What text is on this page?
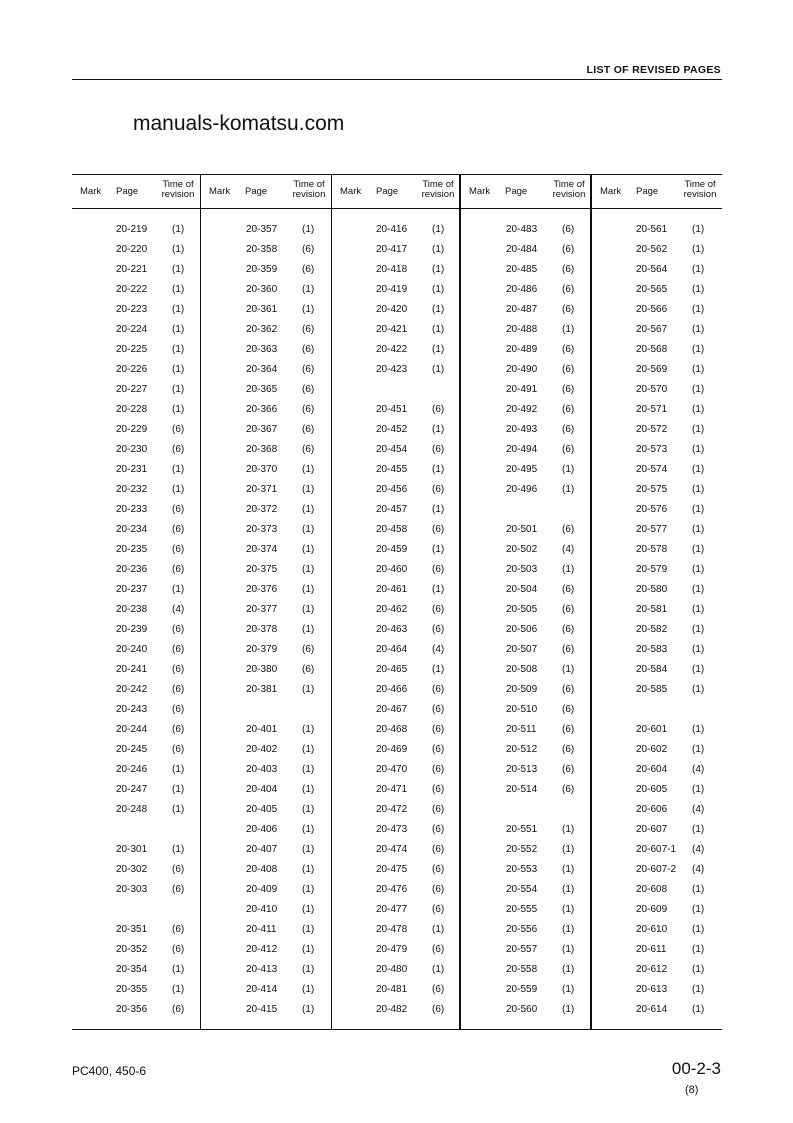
LIST OF REVISED PAGES
manuals-komatsu.com
Mark Page
Time of
revision
20-219 (1)
20-220 (1)
20-221 (1)
20-222 (1)
20-223 (1)
20-224 (1)
20-225 (1)
20-226 (1)
20-227 (1)
20-228 (1)
20-229 (6)
20-230 (6)
20-231 (1)
20-232 (1)
20-233 (6)
20-234 (6)
20-235 (6)
20-236 (6)
20-237 (1)
20-238 (4)
20-239 (6)
20-240 (6)
20-241 (6)
20-242 (6)
20-243 (6)
20-244 (6)
20-245 (6)
20-246 (1)
20-247 (1)
20-248 (1)
20-301 (1)
20-302 (6)
20-303 (6)
20-351 (6)
20-352 (6)
20-354 (1)
20-355 (1)
20-356 (6)
Mark Page
Time of
revision
20-357 (1)
20-358 (6)
20-359 (6)
20-360 (1)
20-361 (1)
20-362 (6)
20-363 (6)
20-364 (6)
20-365 (6)
20-366 (6)
20-367 (6)
20-368 (6)
20-370 (1)
20-371 (1)
20-372 (1)
20-373 (1)
20-374 (1)
20-375 (1)
20-376 (1)
20-377 (1)
20-378 (1)
20-379 (6)
20-380 (6)
20-381 (1)
20-401 (1)
20-402 (1)
20-403 (1)
20-404 (1)
20-405 (1)
20-406 (1)
20-407 (1)
20-408 (1)
20-409 (1)
20-410 (1)
20-411	(1)
20-412 (1)
20-413 (1)
20-414 (1)
20-415 (1)
Mark Page
Time of
revision
20-416 (1)
20-417 (1)
20-418 (1)
20-419 (1)
20-420 (1)
20-421 (1)
20-422 (1)
20-423 (1)
20-451 (6)
20-452 (1)
20-454 (6)
20-455 (1)
20-456 (6)
20-457 (1)
20-458 (6)
20-459 (1)
20-460 (6)
20-461 (1)
20-462 (6)
20-463 (6)
20-464 (4)
20-465 (1)
20-466 (6)
20-467 (6)
20-468 (6)
20-469 (6)
20-470 (6)
20-471 (6)
20-472 (6)
20-473 (6)
20-474 (6)
20-475 (6)
20-476 (6)
20-477 (6)
20-478 (1)
20-479 (6)
20-480 (1)
20-481 (6)
20-482 (6)
Mark Page
Time of
revision
20-483 (6)
20-484 (6)
20-485 (6)
20-486 (6)
20-487 (6)
20-488 (1)
20-489 (6)
20-490 (6)
20-491 (6)
20-492 (6)
20-493 (6)
20-494 (6)
20-495 (1)
20-496 (1)
20-501 (6)
20-502 (4)
20-503 (1)
20-504 (6)
20-505 (6)
20-506 (6)
20-507 (6)
20-508 (1)
20-509 (6)
20-510 (6)
20-511	(6)
20-512 (6)
20-513 (6)
20-514 (6)
20-551 (1)
20-552 (1)
20-553 (1)
20-554 (1)
20-555 (1)
20-556 (1)
20-557 (1)
20-558 (1)
20-559 (1)
20-560 (1)
Mark Page
Time of
revision
20-561 (1)
20-562 (1)
20-564 (1)
20-565 (1)
20-566 (1)
20-567 (1)
20-568 (1)
20-569 (1)
20-570 (1)
20-571 (1)
20-572 (1)
20-573 (1)
20-574 (1)
20-575 (1)
20-576 (1)
20-577 (1)
20-578 (1)
20-579 (1)
20-580 (1)
20-581 (1)
20-582 (1)
20-583 (1)
20-584 (1)
20-585 (1)
20-601 (1)
20-602 (1)
20-604 (4)
20-605 (1)
20-606 (4)
20-607 (1)
20-607-1 (4)
20-607-2 (4)
20-608 (1)
20-609 (1)
20-610 (1)
20-611	(1)
20-612 (1)
20-613 (1)
20-614 (1)
PC400, 450-6	00-2-3
(8)
